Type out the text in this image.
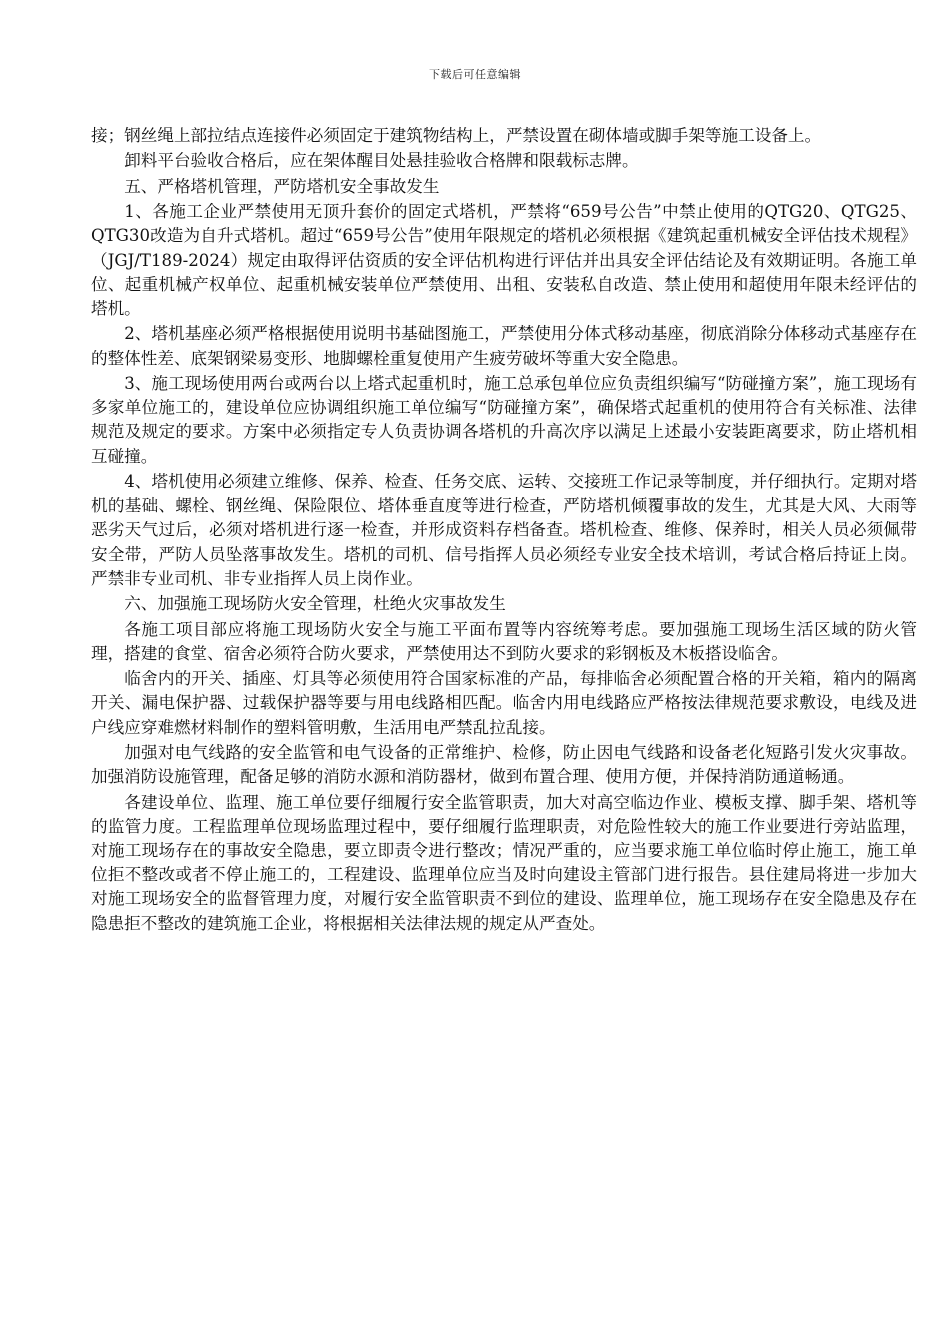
下载后可任意编辑

接；钢丝绳上部拉结点连接件必须固定于建筑物结构上，严禁设置在砌体墙或脚手架等施工设备上。

卸料平台验收合格后，应在架体醒目处悬挂验收合格牌和限载标志牌。

五、严格塔机管理，严防塔机安全事故发生

1、各施工企业严禁使用无顶升套价的固定式塔机，严禁将“659号公告”中禁止使用的QTG20、QTG25、QTG30改造为自升式塔机。超过“659号公告”使用年限规定的塔机必须根据《建筑起重机械安全评估技术规程》（JGJ/T189-2024）规定由取得评估资质的安全评估机构进行评估并出具安全评估结论及有效期证明。各施工单位、起重机械产权单位、起重机械安装单位严禁使用、出租、安装私自改造、禁止使用和超使用年限未经评估的塔机。

2、塔机基座必须严格根据使用说明书基础图施工，严禁使用分体式移动基座，彻底消除分体移动式基座存在的整体性差、底架钢梁易变形、地脚螺栓重复使用产生疲劳破坏等重大安全隐患。

3、施工现场使用两台或两台以上塔式起重机时，施工总承包单位应负责组织编写“防碰撞方案”，施工现场有多家单位施工的，建设单位应协调组织施工单位编写“防碰撞方案”，确保塔式起重机的使用符合有关标准、法律规范及规定的要求。方案中必须指定专人负责协调各塔机的升高次序以满足上述最小安装距离要求，防止塔机相互碰撞。

4、塔机使用必须建立维修、保养、检查、任务交底、运转、交接班工作记录等制度，并仔细执行。定期对塔机的基础、螺栓、钢丝绳、保险限位、塔体垂直度等进行检查，严防塔机倾覆事故的发生，尤其是大风、大雨等恶劣天气过后，必须对塔机进行逐一检查，并形成资料存档备查。塔机检查、维修、保养时，相关人员必须佩带安全带，严防人员坠落事故发生。塔机的司机、信号指挥人员必须经专业安全技术培训，考试合格后持证上岗。严禁非专业司机、非专业指挥人员上岗作业。

六、加强施工现场防火安全管理，杜绝火灾事故发生

各施工项目部应将施工现场防火安全与施工平面布置等内容统筹考虑。要加强施工现场生活区域的防火管理，搭建的食堂、宿舍必须符合防火要求，严禁使用达不到防火要求的彩钢板及木板搭设临舍。

临舍内的开关、插座、灯具等必须使用符合国家标准的产品，每排临舍必须配置合格的开关箱，箱内的隔离开关、漏电保护器、过载保护器等要与用电线路相匹配。临舍内用电线路应严格按法律规范要求敷设，电线及进户线应穿难燃材料制作的塑料管明敷，生活用电严禁乱拉乱接。

加强对电气线路的安全监管和电气设备的正常维护、检修，防止因电气线路和设备老化短路引发火灾事故。加强消防设施管理，配备足够的消防水源和消防器材，做到布置合理、使用方便，并保持消防通道畅通。

各建设单位、监理、施工单位要仔细履行安全监管职责，加大对高空临边作业、模板支撑、脚手架、塔机等的监管力度。工程监理单位现场监理过程中，要仔细履行监理职责，对危险性较大的施工作业要进行旁站监理，对施工现场存在的事故安全隐患，要立即责令进行整改；情况严重的，应当要求施工单位临时停止施工，施工单位拒不整改或者不停止施工的，工程建设、监理单位应当及时向建设主管部门进行报告。县住建局将进一步加大对施工现场安全的监督管理力度，对履行安全监管职责不到位的建设、监理单位，施工现场存在安全隐患及存在隐患拒不整改的建筑施工企业，将根据相关法律法规的规定从严查处。
